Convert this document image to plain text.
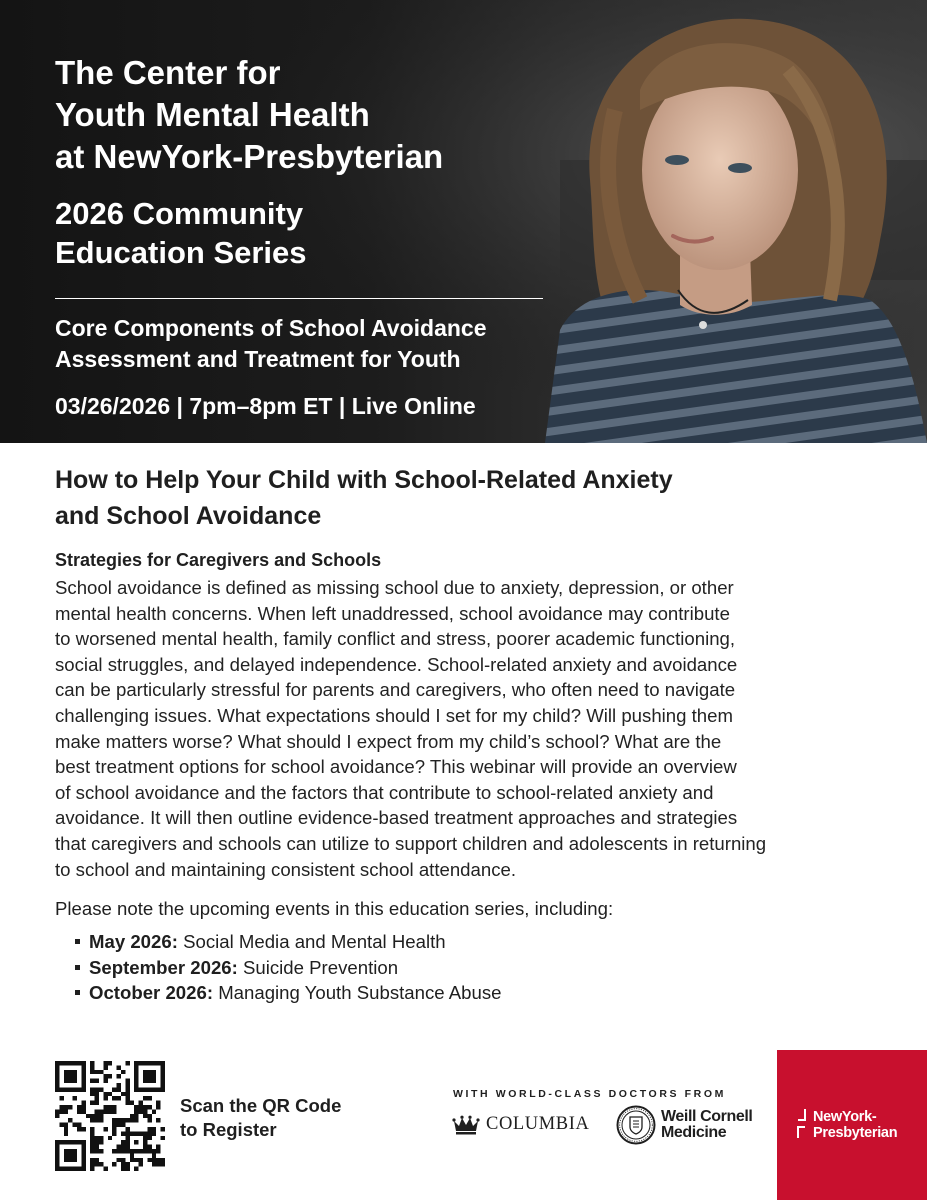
The Center for
Youth Mental Health
at NewYork-Presbyterian
2026 Community
Education Series
Core Components of School Avoidance
Assessment and Treatment for Youth
03/26/2026 | 7pm–8pm ET | Live Online
How to Help Your Child with School-Related Anxiety
and School Avoidance
Strategies for Caregivers and Schools

School avoidance is defined as missing school due to anxiety, depression, or other
mental health concerns. When left unaddressed, school avoidance may contribute
to worsened mental health, family conflict and stress, poorer academic functioning,
social struggles, and delayed independence. School-related anxiety and avoidance
can be particularly stressful for parents and caregivers, who often need to navigate
challenging issues. What expectations should I set for my child? Will pushing them
make matters worse? What should I expect from my child’s school? What are the
best treatment options for school avoidance? This webinar will provide an overview
of school avoidance and the factors that contribute to school-related anxiety and
avoidance. It will then outline evidence-based treatment approaches and strategies
that caregivers and schools can utilize to support children and adolescents in returning
to school and maintaining consistent school attendance.

Please note the upcoming events in this education series, including:

May 2026: Social Media and Mental Health
September 2026: Suicide Prevention
October 2026: Managing Youth Substance Abuse
Scan the QR Code
to Register
WITH WORLD-CLASS DOCTORS FROM
COLUMBIA	Weill Cornell
Medicine
NewYork-
Presbyterian
